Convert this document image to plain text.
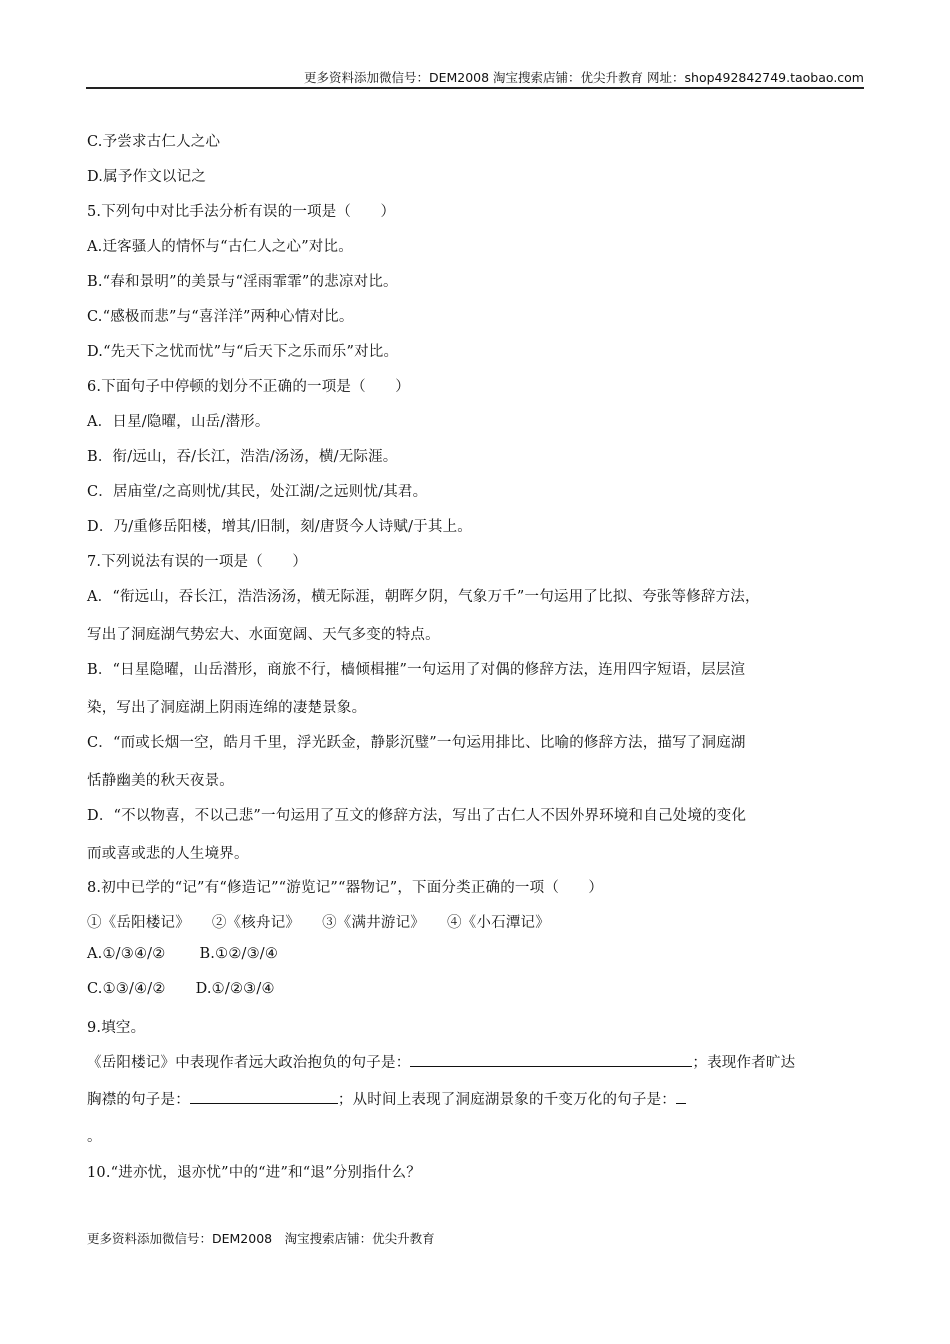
更多资料添加微信号：DEM2008 淘宝搜索店铺：优尖升教育 网址：shop492842749.taobao.com
C.予尝求古仁人之心
D.属予作文以记之
5.下列句中对比手法分析有误的一项是（　　）
A.迁客骚人的情怀与“古仁人之心”对比。
B.“春和景明”的美景与“淫雨霏霏”的悲凉对比。
C.“感极而悲”与“喜洋洋”两种心情对比。
D.“先天下之忧而忧”与“后天下之乐而乐”对比。
6.下面句子中停顿的划分不正确的一项是（　　）
A．日星/隐曜，山岳/潜形。
B．衔/远山，吞/长江，浩浩/汤汤，横/无际涯。
C．居庙堂/之高则忧/其民，处江湖/之远则忧/其君。
D．乃/重修岳阳楼，增其/旧制，刻/唐贤今人诗赋/于其上。
7.下列说法有误的一项是（　　）
A．“衔远山，吞长江，浩浩汤汤，横无际涯，朝晖夕阴，气象万千”一句运用了比拟、夸张等修辞方法，
写出了洞庭湖气势宏大、水面宽阔、天气多变的特点。
B．“日星隐曜，山岳潜形，商旅不行，樯倾楫摧”一句运用了对偶的修辞方法，连用四字短语，层层渲
染，写出了洞庭湖上阴雨连绵的凄楚景象。
C．“而或长烟一空，皓月千里，浮光跃金，静影沉璧”一句运用排比、比喻的修辞方法，描写了洞庭湖
恬静幽美的秋天夜景。
D．“不以物喜，不以己悲”一句运用了互文的修辞方法，写出了古仁人不因外界环境和自己处境的变化
而或喜或悲的人生境界。
8.初中已学的“记”有“修造记”“游览记”“器物记”，下面分类正确的一项（　　）
①《岳阳楼记》 ②《核舟记》 ③《满井游记》 ④《小石潭记》
A.①/③④/② B.①②/③/④
C.①③/④/② D.①/②③/④
9.填空。
《岳阳楼记》中表现作者远大政治抱负的句子是：	；表现作者旷达
胸襟的句子是：	；从时间上表现了洞庭湖景象的千变万化的句子是：
。
10.“进亦忧，退亦忧”中的“进”和“退”分别指什么？
更多资料添加微信号：DEM2008　淘宝搜索店铺：优尖升教育
